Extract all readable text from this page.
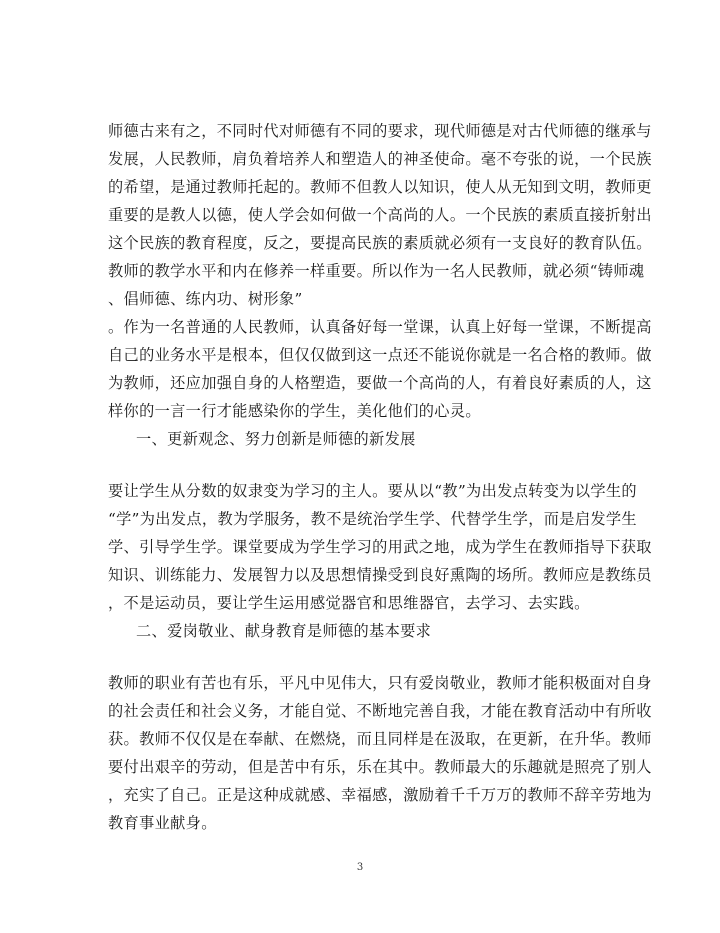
师德古来有之，不同时代对师德有不同的要求，现代师德是对古代师德的继承与
发展，人民教师，肩负着培养人和塑造人的神圣使命。毫不夸张的说，一个民族
的希望，是通过教师托起的。教师不但教人以知识，使人从无知到文明，教师更
重要的是教人以德，使人学会如何做一个高尚的人。一个民族的素质直接折射出
这个民族的教育程度，反之，要提高民族的素质就必须有一支良好的教育队伍。
教师的教学水平和内在修养一样重要。所以作为一名人民教师，就必须“铸师魂
、倡师德、练内功、树形象”
。作为一名普通的人民教师，认真备好每一堂课，认真上好每一堂课，不断提高
自己的业务水平是根本，但仅仅做到这一点还不能说你就是一名合格的教师。做
为教师，还应加强自身的人格塑造，要做一个高尚的人，有着良好素质的人，这
样你的一言一行才能感染你的学生，美化他们的心灵。
一、更新观念、努力创新是师德的新发展
要让学生从分数的奴隶变为学习的主人。要从以“教”为出发点转变为以学生的
“学”为出发点，教为学服务，教不是统治学生学、代替学生学，而是启发学生
学、引导学生学。课堂要成为学生学习的用武之地，成为学生在教师指导下获取
知识、训练能力、发展智力以及思想情操受到良好熏陶的场所。教师应是教练员
，不是运动员，要让学生运用感觉器官和思维器官，去学习、去实践。
二、爱岗敬业、献身教育是师德的基本要求
教师的职业有苦也有乐，平凡中见伟大，只有爱岗敬业，教师才能积极面对自身
的社会责任和社会义务，才能自觉、不断地完善自我，才能在教育活动中有所收
获。教师不仅仅是在奉献、在燃烧，而且同样是在汲取，在更新，在升华。教师
要付出艰辛的劳动，但是苦中有乐，乐在其中。教师最大的乐趣就是照亮了别人
，充实了自己。正是这种成就感、幸福感，激励着千千万万的教师不辞辛劳地为
教育事业献身。
3
